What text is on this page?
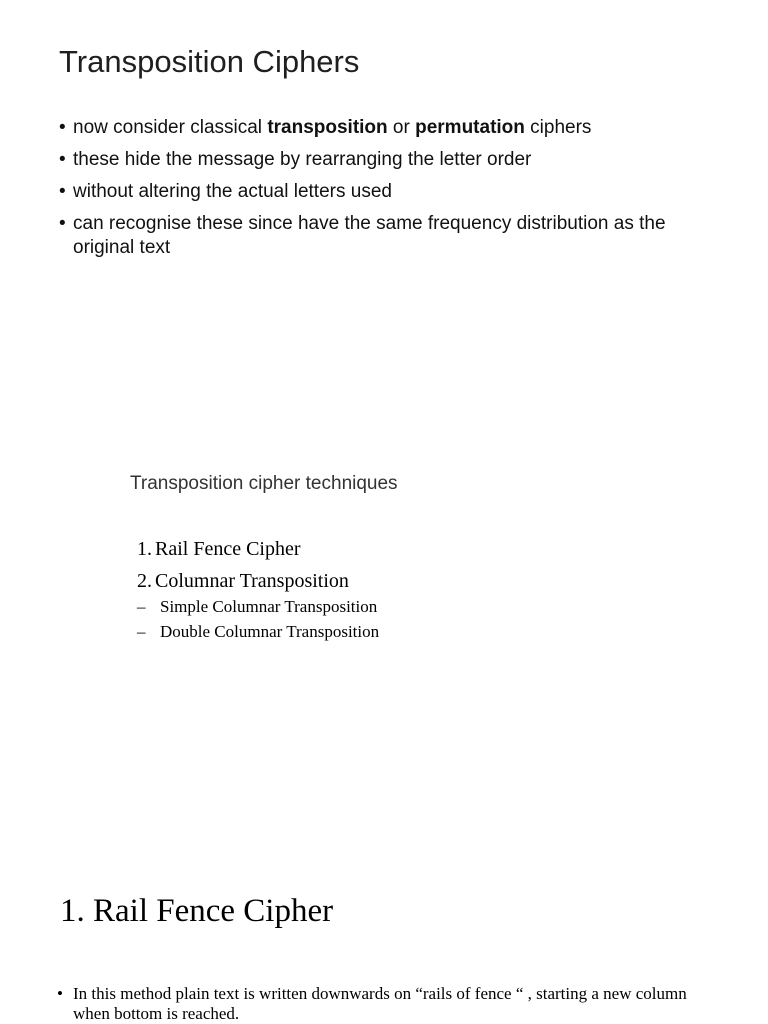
Transposition Ciphers
• now consider classical transposition or permutation ciphers
• these hide the message by rearranging the letter order
• without altering the actual letters used
• can recognise these since have the same frequency distribution as the original text
Transposition cipher techniques
1. Rail Fence Cipher
2. Columnar Transposition
– Simple Columnar Transposition
– Double Columnar Transposition
1. Rail Fence Cipher

• In this method plain text is written downwards on “rails of fence “ , starting a new column when bottom is reached.
